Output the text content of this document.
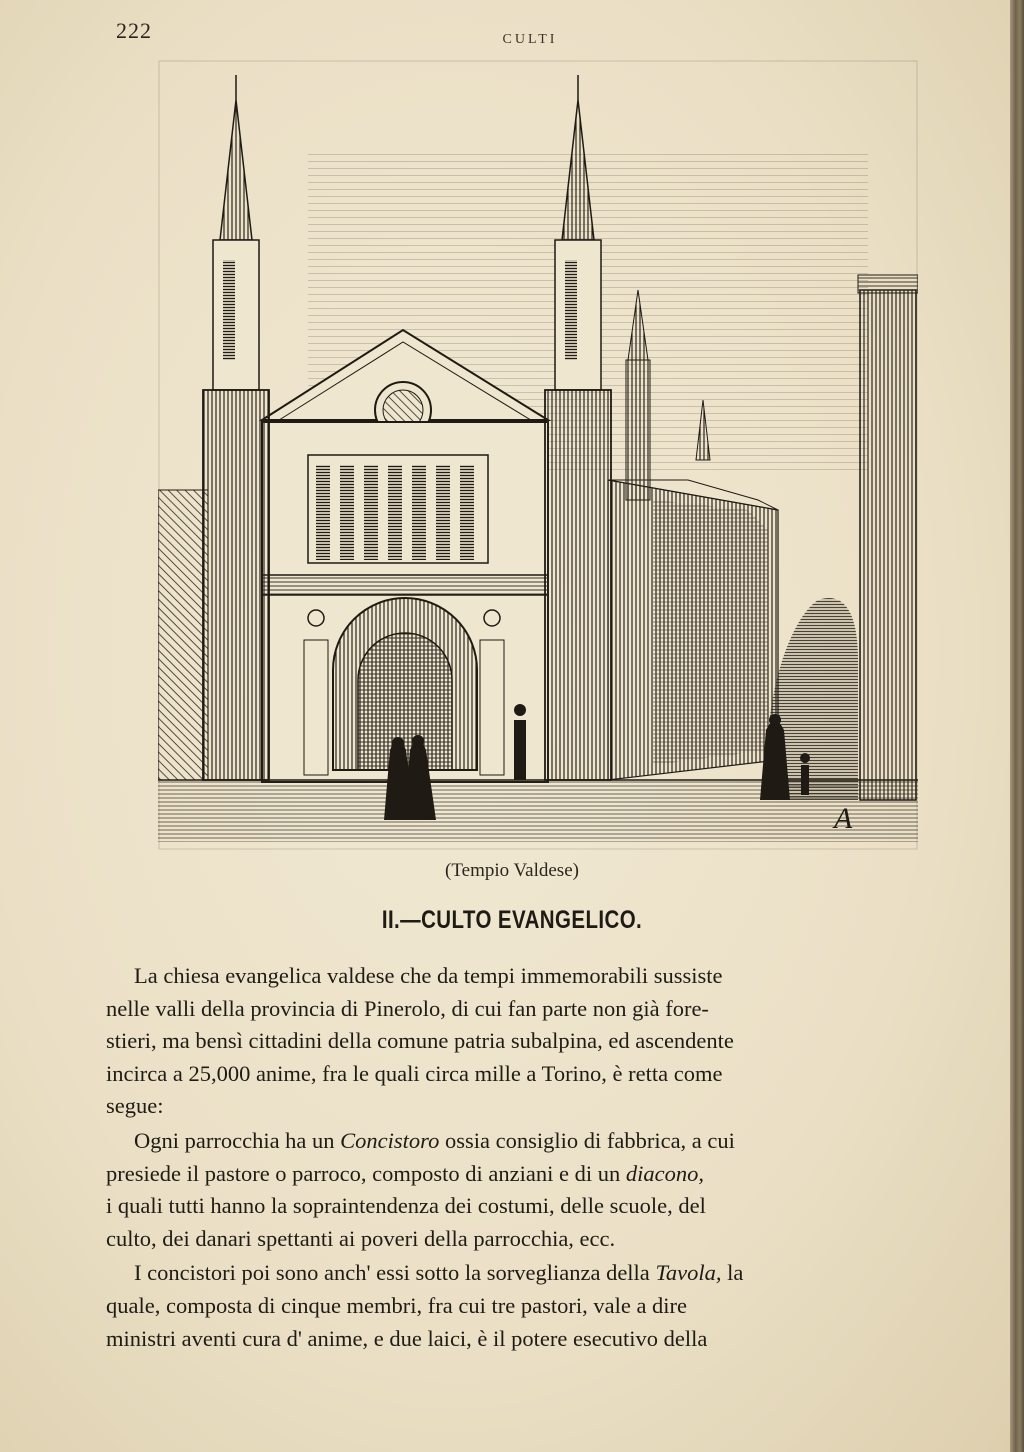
222	CULTI
A
(Tempio Valdese)
II.—CULTO EVANGELICO.
La chiesa evangelica valdese che da tempi immemorabili sussiste
nelle valli della provincia di Pinerolo, di cui fan parte non già fore-
stieri, ma bensì cittadini della comune patria subalpina, ed ascendente
incirca a 25,000 anime, fra le quali circa mille a Torino, è retta come
segue:
Ogni parrocchia ha un Concistoro ossia consiglio di fabbrica, a cui
presiede il pastore o parroco, composto di anziani e di un diacono,
i quali tutti hanno la sopraintendenza dei costumi, delle scuole, del
culto, dei danari spettanti ai poveri della parrocchia, ecc.
I concistori poi sono anch' essi sotto la sorveglianza della Tavola, la
quale, composta di cinque membri, fra cui tre pastori, vale a dire
ministri aventi cura d' anime, e due laici, è il potere esecutivo della
